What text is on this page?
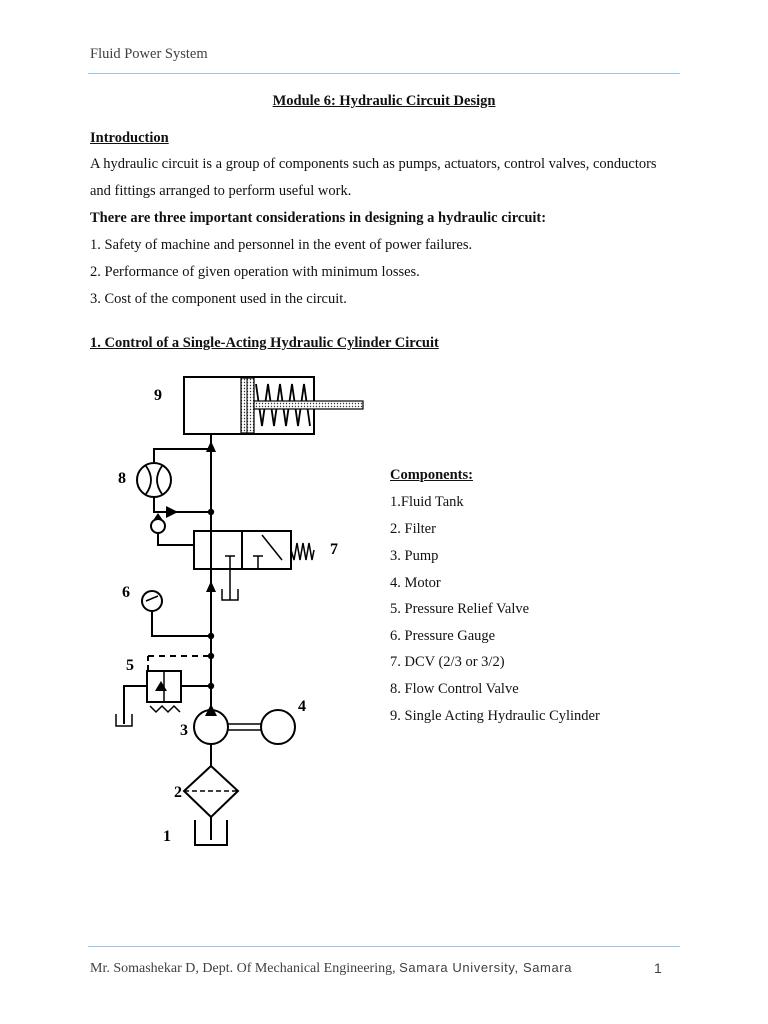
Fluid Power System
Module 6: Hydraulic Circuit Design
Introduction
A hydraulic circuit is a group of components such as pumps, actuators, control valves, conductors
and fittings arranged to perform useful work.
There are three important considerations in designing a hydraulic circuit:
1. Safety of machine and personnel in the event of power failures.
2. Performance of given operation with minimum losses.
3. Cost of the component used in the circuit.
1. Control of a Single-Acting Hydraulic Cylinder Circuit
9
8
7
6
5
4
3
2
1
Components:
1.Fluid Tank
2. Filter
3. Pump
4. Motor
5. Pressure Relief Valve
6. Pressure Gauge
7. DCV (2/3 or 3/2)
8. Flow Control Valve
9. Single Acting Hydraulic Cylinder
Mr. Somashekar D, Dept. Of Mechanical Engineering, Samara University, Samara	1
